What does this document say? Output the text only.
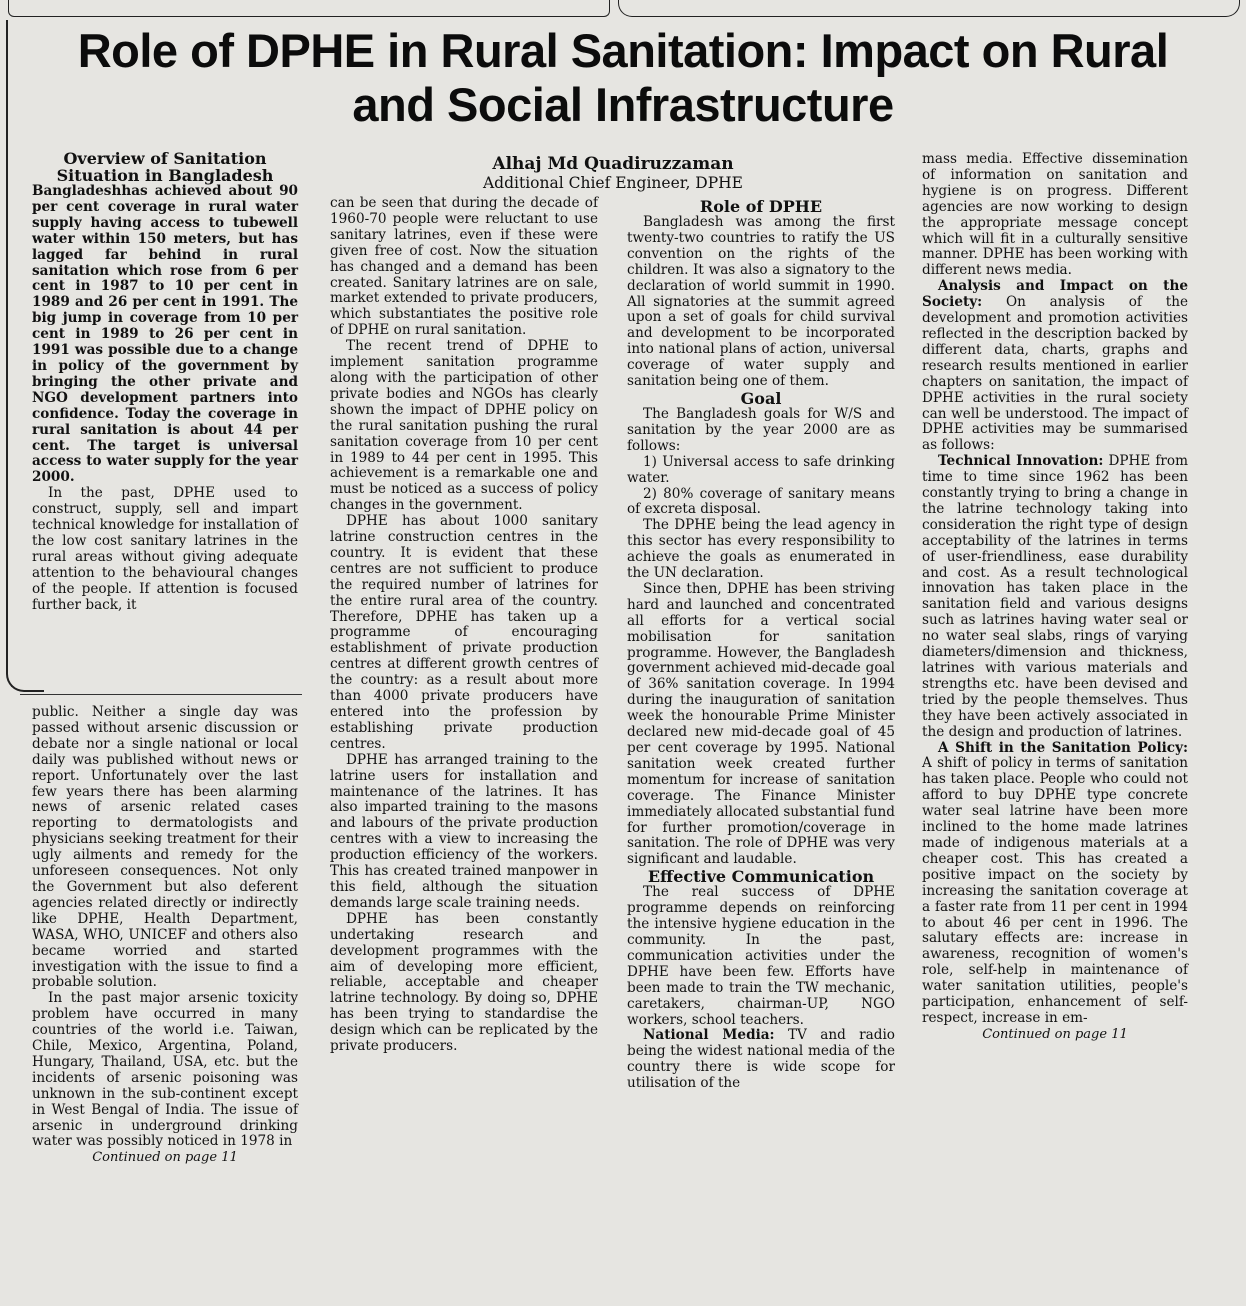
Role of DPHE in Rural Sanitation: Impact on Rural and Social Infrastructure
Alhaj Md Quadiruzzaman
Additional Chief Engineer, DPHE

Overview of Sanitation Situation in Bangladesh

Bangladeshhas achieved about 90 per cent coverage in rural water supply having access to tubewell water within 150 meters, but has lagged far behind in rural sanitation which rose from 6 per cent in 1987 to 10 per cent in 1989 and 26 per cent in 1991. The big jump in coverage from 10 per cent in 1989 to 26 per cent in 1991 was possible due to a change in policy of the government by bringing the other private and NGO development partners into confidence. Today the coverage in rural sanitation is about 44 per cent. The target is universal access to water supply for the year 2000.

In the past, DPHE used to construct, supply, sell and impart technical knowledge for installation of the low cost sanitary latrines in the rural areas without giving adequate attention to the behavioural changes of the people. If attention is focused further back, it

public. Neither a single day was passed without arsenic discussion or debate nor a single national or local daily was published without news or report. Unfortunately over the last few years there has been alarming news of arsenic related cases reporting to dermatologists and physicians seeking treatment for their ugly ailments and remedy for the unforeseen consequences. Not only the Government but also deferent agencies related directly or indirectly like DPHE, Health Department, WASA, WHO, UNICEF and others also became worried and started investigation with the issue to find a probable solution.

In the past major arsenic toxicity problem have occurred in many countries of the world i.e. Taiwan, Chile, Mexico, Argentina, Poland, Hungary, Thailand, USA, etc. but the incidents of arsenic poisoning was unknown in the sub-continent except in West Bengal of India. The issue of arsenic in underground drinking water was possibly noticed in 1978 in

Continued on page 11

can be seen that during the decade of 1960-70 people were reluctant to use sanitary latrines, even if these were given free of cost. Now the situation has changed and a demand has been created. Sanitary latrines are on sale, market extended to private producers, which substantiates the positive role of DPHE on rural sanitation.

The recent trend of DPHE to implement sanitation programme along with the participation of other private bodies and NGOs has clearly shown the impact of DPHE policy on the rural sanitation pushing the rural sanitation coverage from 10 per cent in 1989 to 44 per cent in 1995. This achievement is a remarkable one and must be noticed as a success of policy changes in the government.

DPHE has about 1000 sanitary latrine construction centres in the country. It is evident that these centres are not sufficient to produce the required number of latrines for the entire rural area of the country. Therefore, DPHE has taken up a programme of encouraging establishment of private production centres at different growth centres of the country: as a result about more than 4000 private producers have entered into the profession by establishing private production centres.

DPHE has arranged training to the latrine users for installation and maintenance of the latrines. It has also imparted training to the masons and labours of the private production centres with a view to increasing the production efficiency of the workers. This has created trained manpower in this field, although the situation demands large scale training needs.

DPHE has been constantly undertaking research and development programmes with the aim of developing more efficient, reliable, acceptable and cheaper latrine technology. By doing so, DPHE has been trying to standardise the design which can be replicated by the private producers.

Role of DPHE

Bangladesh was among the first twenty-two countries to ratify the US convention on the rights of the children. It was also a signatory to the declaration of world summit in 1990. All signatories at the summit agreed upon a set of goals for child survival and development to be incorporated into national plans of action, universal coverage of water supply and sanitation being one of them.

Goal

The Bangladesh goals for W/S and sanitation by the year 2000 are as follows:

1) Universal access to safe drinking water.

2) 80% coverage of sanitary means of excreta disposal.

The DPHE being the lead agency in this sector has every responsibility to achieve the goals as enumerated in the UN declaration.

Since then, DPHE has been striving hard and launched and concentrated all efforts for a vertical social mobilisation for sanitation programme. However, the Bangladesh government achieved mid-decade goal of 36% sanitation coverage. In 1994 during the inauguration of sanitation week the honourable Prime Minister declared new mid-decade goal of 45 per cent coverage by 1995. National sanitation week created further momentum for increase of sanitation coverage. The Finance Minister immediately allocated substantial fund for further promotion/coverage in sanitation. The role of DPHE was very significant and laudable.

Effective Communication

The real success of DPHE programme depends on reinforcing the intensive hygiene education in the community. In the past, communication activities under the DPHE have been few. Efforts have been made to train the TW mechanic, caretakers, chairman-UP, NGO workers, school teachers.

National Media: TV and radio being the widest national media of the country there is wide scope for utilisation of the

mass media. Effective dissemination of information on sanitation and hygiene is on progress. Different agencies are now working to design the appropriate message concept which will fit in a culturally sensitive manner. DPHE has been working with different news media.

Analysis and Impact on the Society: On analysis of the development and promotion activities reflected in the description backed by different data, charts, graphs and research results mentioned in earlier chapters on sanitation, the impact of DPHE activities in the rural society can well be understood. The impact of DPHE activities may be summarised as follows:

Technical Innovation: DPHE from time to time since 1962 has been constantly trying to bring a change in the latrine technology taking into consideration the right type of design acceptability of the latrines in terms of user-friendliness, ease durability and cost. As a result technological innovation has taken place in the sanitation field and various designs such as latrines having water seal or no water seal slabs, rings of varying diameters/dimension and thickness, latrines with various materials and strengths etc. have been devised and tried by the people themselves. Thus they have been actively associated in the design and production of latrines.

A Shift in the Sanitation Policy: A shift of policy in terms of sanitation has taken place. People who could not afford to buy DPHE type concrete water seal latrine have been more inclined to the home made latrines made of indigenous materials at a cheaper cost. This has created a positive impact on the society by increasing the sanitation coverage at a faster rate from 11 per cent in 1994 to about 46 per cent in 1996. The salutary effects are: increase in awareness, recognition of women's role, self-help in maintenance of water sanitation utilities, people's participation, enhancement of self-respect, increase in em-

Continued on page 11
